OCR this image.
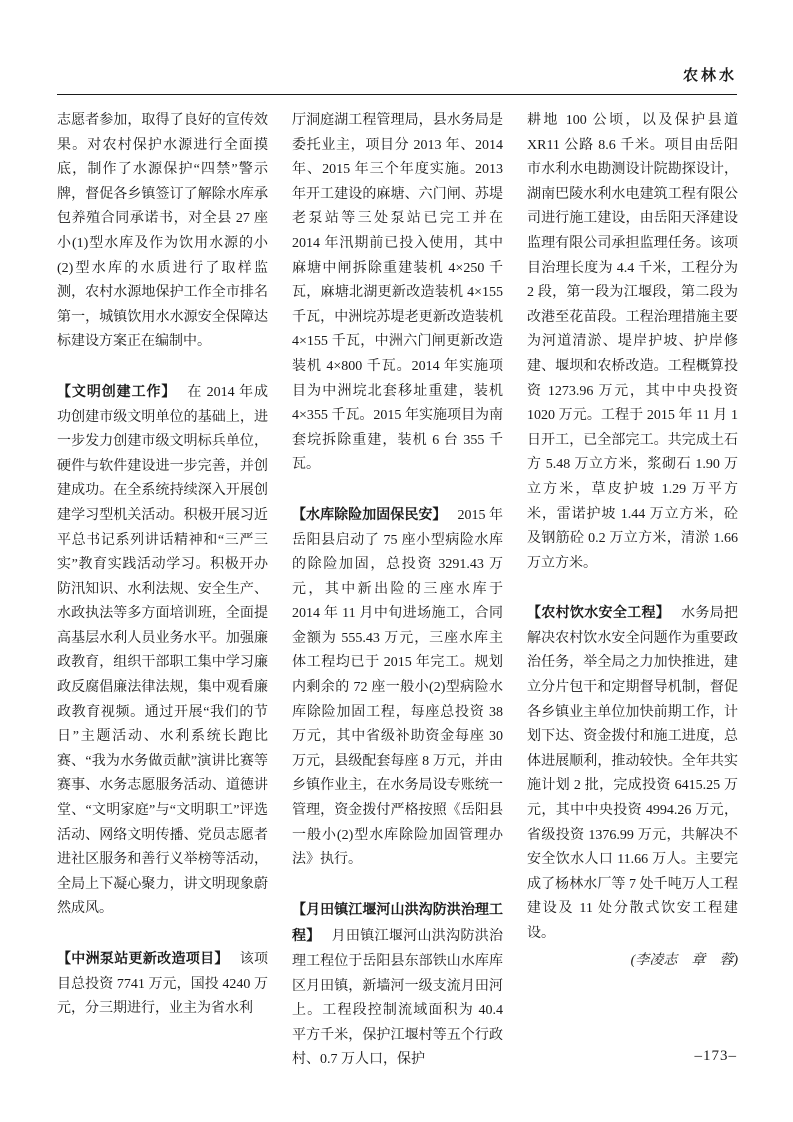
农林水

志愿者参加，取得了良好的宣传效果。对农村保护水源进行全面摸底，制作了水源保护“四禁”警示牌，督促各乡镇签订了解除水库承包养殖合同承诺书，对全县 27 座小(1)型水库及作为饮用水源的小(2)型水库的水质进行了取样监测，农村水源地保护工作全市排名第一，城镇饮用水水源安全保障达标建设方案正在编制中。

【文明创建工作】 在 2014 年成功创建市级文明单位的基础上，进一步发力创建市级文明标兵单位，硬件与软件建设进一步完善，并创建成功。在全系统持续深入开展创建学习型机关活动。积极开展习近平总书记系列讲话精神和“三严三实”教育实践活动学习。积极开办防汛知识、水利法规、安全生产、水政执法等多方面培训班，全面提高基层水利人员业务水平。加强廉政教育，组织干部职工集中学习廉政反腐倡廉法律法规，集中观看廉政教育视频。通过开展“我们的节日”主题活动、水利系统长跑比赛、“我为水务做贡献”演讲比赛等赛事、水务志愿服务活动、道德讲堂、“文明家庭”与“文明职工”评选活动、网络文明传播、党员志愿者进社区服务和善行义举榜等活动，全局上下凝心聚力，讲文明现象蔚然成风。

【中洲泵站更新改造项目】 该项目总投资 7741 万元，国投 4240 万元，分三期进行，业主为省水利

厅洞庭湖工程管理局，县水务局是委托业主，项目分 2013 年、2014 年、2015 年三个年度实施。2013 年开工建设的麻塘、六门闸、苏堤老泵站等三处泵站已完工并在 2014 年汛期前已投入使用，其中麻塘中闸拆除重建装机 4×250 千瓦，麻塘北湖更新改造装机 4×155 千瓦，中洲垸苏堤老更新改造装机 4×155 千瓦，中洲六门闸更新改造装机 4×800 千瓦。2014 年实施项目为中洲垸北套移址重建，装机 4×355 千瓦。2015 年实施项目为南套垸拆除重建，装机 6 台 355 千瓦。

【水库除险加固保民安】 2015 年岳阳县启动了 75 座小型病险水库的除险加固，总投资 3291.43 万元，其中新出险的三座水库于 2014 年 11 月中旬进场施工，合同金额为 555.43 万元，三座水库主体工程均已于 2015 年完工。规划内剩余的 72 座一般小(2)型病险水库除险加固工程，每座总投资 38 万元，其中省级补助资金每座 30 万元，县级配套每座 8 万元，并由乡镇作业主，在水务局设专账统一管理，资金拨付严格按照《岳阳县一般小(2)型水库除险加固管理办法》执行。

【月田镇江堰河山洪沟防洪治理工程】 月田镇江堰河山洪沟防洪治理工程位于岳阳县东部铁山水库库区月田镇，新墙河一级支流月田河上。工程段控制流域面积为 40.4 平方千米，保护江堰村等五个行政村、0.7 万人口，保护

耕地 100 公顷，以及保护县道 XR11 公路 8.6 千米。项目由岳阳市水利水电勘测设计院勘探设计，湖南巴陵水利水电建筑工程有限公司进行施工建设，由岳阳天泽建设监理有限公司承担监理任务。该项目治理长度为 4.4 千米，工程分为 2 段，第一段为江堰段，第二段为改港至花苗段。工程治理措施主要为河道清淤、堤岸护坡、护岸修建、堰坝和农桥改造。工程概算投资 1273.96 万元，其中中央投资 1020 万元。工程于 2015 年 11 月 1 日开工，已全部完工。共完成土石方 5.48 万立方米，浆砌石 1.90 万立方米，草皮护坡 1.29 万平方米，雷诺护坡 1.44 万立方米，砼及钢筋砼 0.2 万立方米，清淤 1.66 万立方米。

【农村饮水安全工程】 水务局把解决农村饮水安全问题作为重要政治任务，举全局之力加快推进，建立分片包干和定期督导机制，督促各乡镇业主单位加快前期工作，计划下达、资金拨付和施工进度，总体进展顺利，推动较快。全年共实施计划 2 批，完成投资 6415.25 万元，其中中央投资 4994.26 万元，省级投资 1376.99 万元，共解决不安全饮水人口 11.66 万人。主要完成了杨林水厂等 7 处千吨万人工程建设及 11 处分散式饮安工程建设。

(李凌志　章　蓉)

–173–
